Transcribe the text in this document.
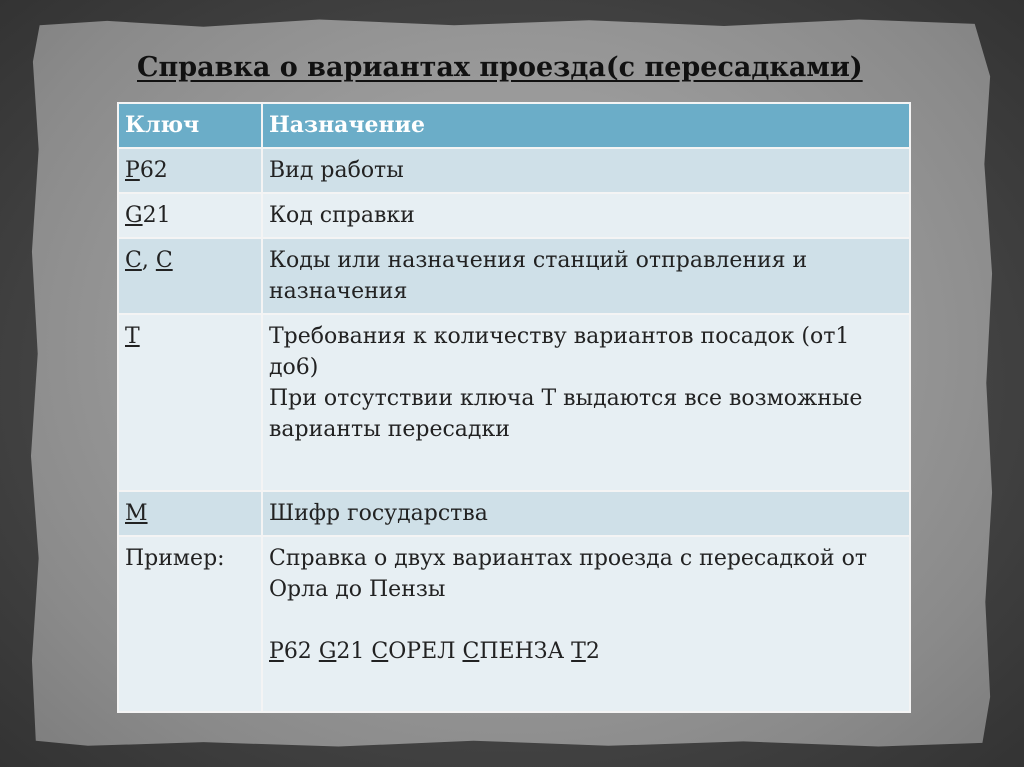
Справка о вариантах проезда(с пересадками)
Ключ	Назначение
Р62	Вид работы
G21	Код справки
С, С	Коды или назначения станций отправления и назначения
Т	Требования к количеству вариантов посадок (от1 до6)
При отсутствии ключа Т выдаются все возможные варианты пересадки

М	Шифр государства
Пример:	Справка о двух вариантах проезда с пересадкой от Орла до Пензы
Р62 G21 СОРЕЛ СПЕНЗА Т2
